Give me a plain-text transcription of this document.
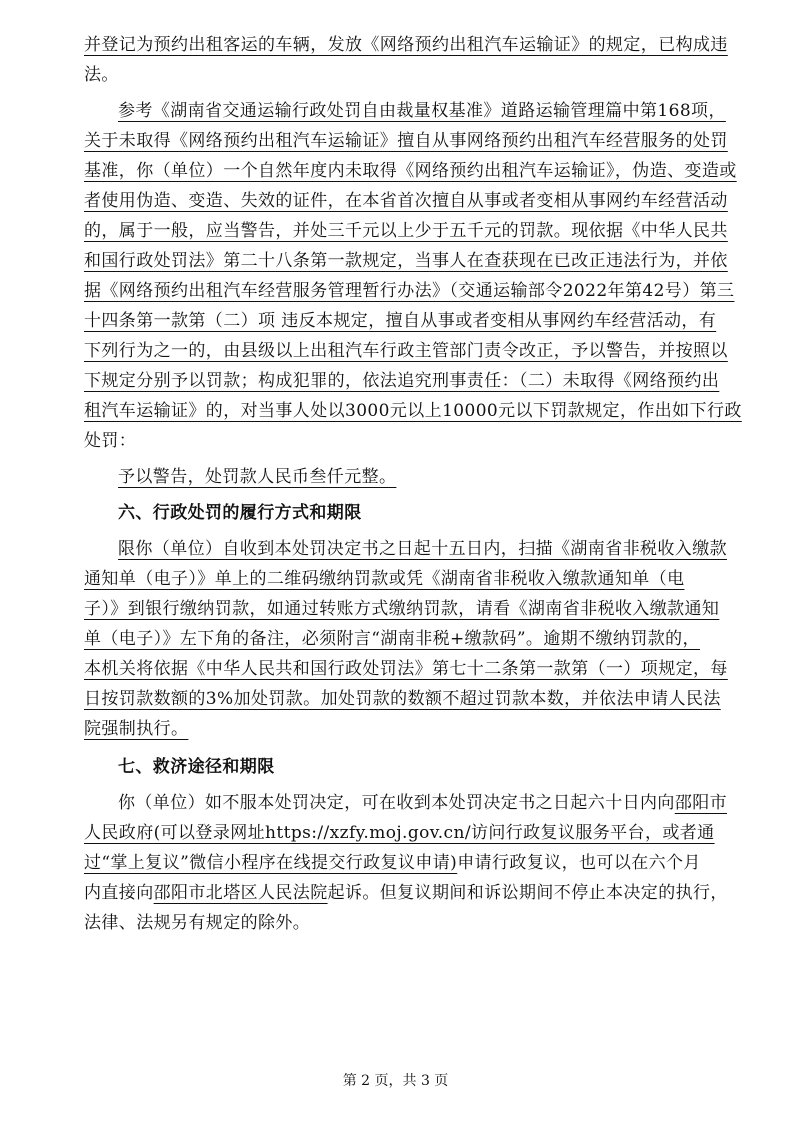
并登记为预约出租客运的车辆，发放《网络预约出租汽车运输证》的规定，已构成违
法。
参考《湖南省交通运输行政处罚自由裁量权基准》道路运输管理篇中第168项，
关于未取得《网络预约出租汽车运输证》擅自从事网络预约出租汽车经营服务的处罚
基准，你（单位）一个自然年度内未取得《网络预约出租汽车运输证》，伪造、变造或
者使用伪造、变造、失效的证件，在本省首次擅自从事或者变相从事网约车经营活动
的，属于一般，应当警告，并处三千元以上少于五千元的罚款。现依据《中华人民共
和国行政处罚法》第二十八条第一款规定，当事人在查获现在已改正违法行为，并依
据《网络预约出租汽车经营服务管理暂行办法》（交通运输部令2022年第42号）第三
十四条第一款第（二）项 违反本规定，擅自从事或者变相从事网约车经营活动，有
下列行为之一的，由县级以上出租汽车行政主管部门责令改正，予以警告，并按照以
下规定分别予以罚款；构成犯罪的，依法追究刑事责任：（二）未取得《网络预约出
租汽车运输证》的，对当事人处以3000元以上10000元以下罚款规定，作出如下行政
处罚：
予以警告，处罚款人民币叁仟元整。
六、行政处罚的履行方式和期限
限你（单位）自收到本处罚决定书之日起十五日内，扫描《湖南省非税收入缴款
通知单（电子）》单上的二维码缴纳罚款或凭《湖南省非税收入缴款通知单（电
子）》到银行缴纳罚款，如通过转账方式缴纳罚款，请看《湖南省非税收入缴款通知
单（电子）》左下角的备注，必须附言“湖南非税+缴款码”。逾期不缴纳罚款的，
本机关将依据《中华人民共和国行政处罚法》第七十二条第一款第（一）项规定，每
日按罚款数额的3%加处罚款。加处罚款的数额不超过罚款本数，并依法申请人民法
院强制执行。
七、救济途径和期限
你（单位）如不服本处罚决定，可在收到本处罚决定书之日起六十日内向邵阳市
人民政府(可以登录网址https://xzfy.moj.gov.cn/访问行政复议服务平台，或者通
过“掌上复议”微信小程序在线提交行政复议申请)申请行政复议，也可以在六个月
内直接向邵阳市北塔区人民法院起诉。但复议期间和诉讼期间不停止本决定的执行，
法律、法规另有规定的除外。
第 2 页，共 3 页
